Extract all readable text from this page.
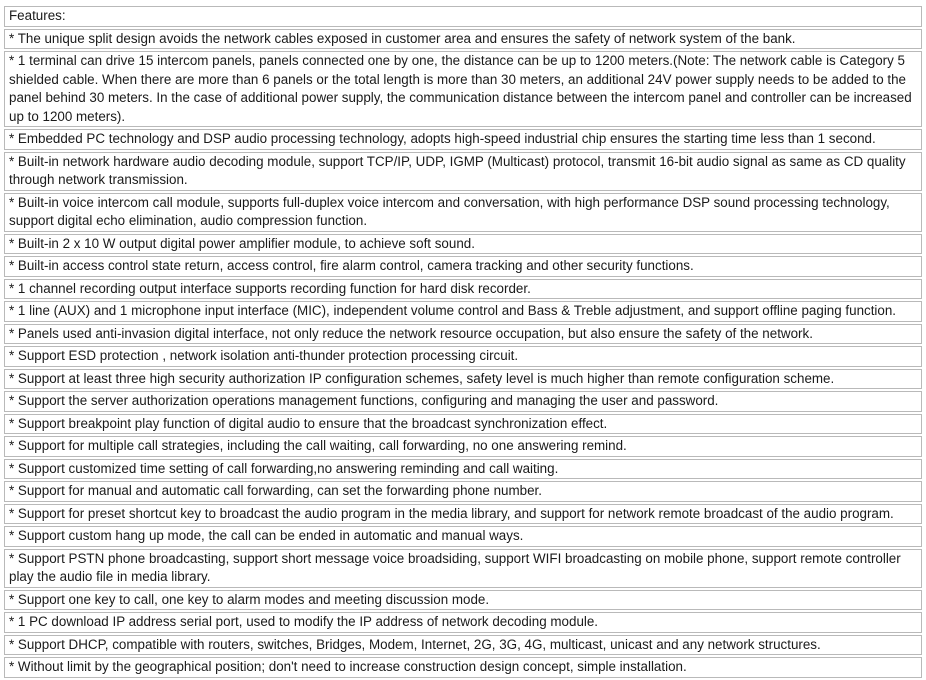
Features:
* The unique split design avoids the network cables exposed in customer area and ensures the safety of network system of the bank.
* 1 terminal can drive 15 intercom panels, panels connected one by one, the distance can be up to 1200 meters.(Note: The network cable is Category 5 shielded cable. When there are more than 6 panels or the total length is more than 30 meters, an additional 24V power supply needs to be added to the panel behind 30 meters. In the case of additional power supply, the communication distance between the intercom panel and controller can be increased up to 1200 meters).
* Embedded PC technology and DSP audio processing technology, adopts high-speed industrial chip ensures the starting time less than 1 second.
* Built-in network hardware audio decoding module, support TCP/IP, UDP, IGMP (Multicast) protocol, transmit 16-bit audio signal as same as CD quality through network transmission.
* Built-in voice intercom call module, supports full-duplex voice intercom and conversation, with high performance DSP sound processing technology, support digital echo elimination, audio compression function.
* Built-in 2 x 10 W output digital power amplifier module, to achieve soft sound.
* Built-in access control state return, access control, fire alarm control, camera tracking and other security functions.
* 1 channel recording output interface supports recording function for hard disk recorder.
* 1 line (AUX) and 1 microphone input interface (MIC), independent volume control and Bass & Treble adjustment, and support offline paging function.
* Panels used anti-invasion digital interface, not only reduce the network resource occupation, but also ensure the safety of the network.
* Support ESD protection , network isolation anti-thunder protection processing circuit.
* Support at least three high security authorization IP configuration schemes, safety level is much higher than remote configuration scheme.
* Support the server authorization operations management functions, configuring and managing the user and password.
* Support breakpoint play function of digital audio to ensure that the broadcast synchronization effect.
* Support for multiple call strategies, including the call waiting, call forwarding, no one answering remind.
* Support customized time setting of call forwarding,no answering reminding and call waiting.
* Support for manual and automatic call forwarding, can set the forwarding phone number.
* Support for preset shortcut key to broadcast the audio program in the media library, and support for network remote broadcast of the audio program.
* Support custom hang up mode, the call can be ended in automatic and manual ways.
* Support PSTN phone broadcasting, support short message voice broadsiding, support WIFI broadcasting on mobile phone, support remote controller play the audio file in media library.
* Support one key to call, one key to alarm modes and meeting discussion mode.
* 1 PC download IP address serial port, used to modify the IP address of network decoding module.
* Support DHCP, compatible with routers, switches, Bridges, Modem, Internet, 2G, 3G, 4G, multicast, unicast and any network structures.
* Without limit by the geographical position; don't need to increase construction design concept, simple installation.
